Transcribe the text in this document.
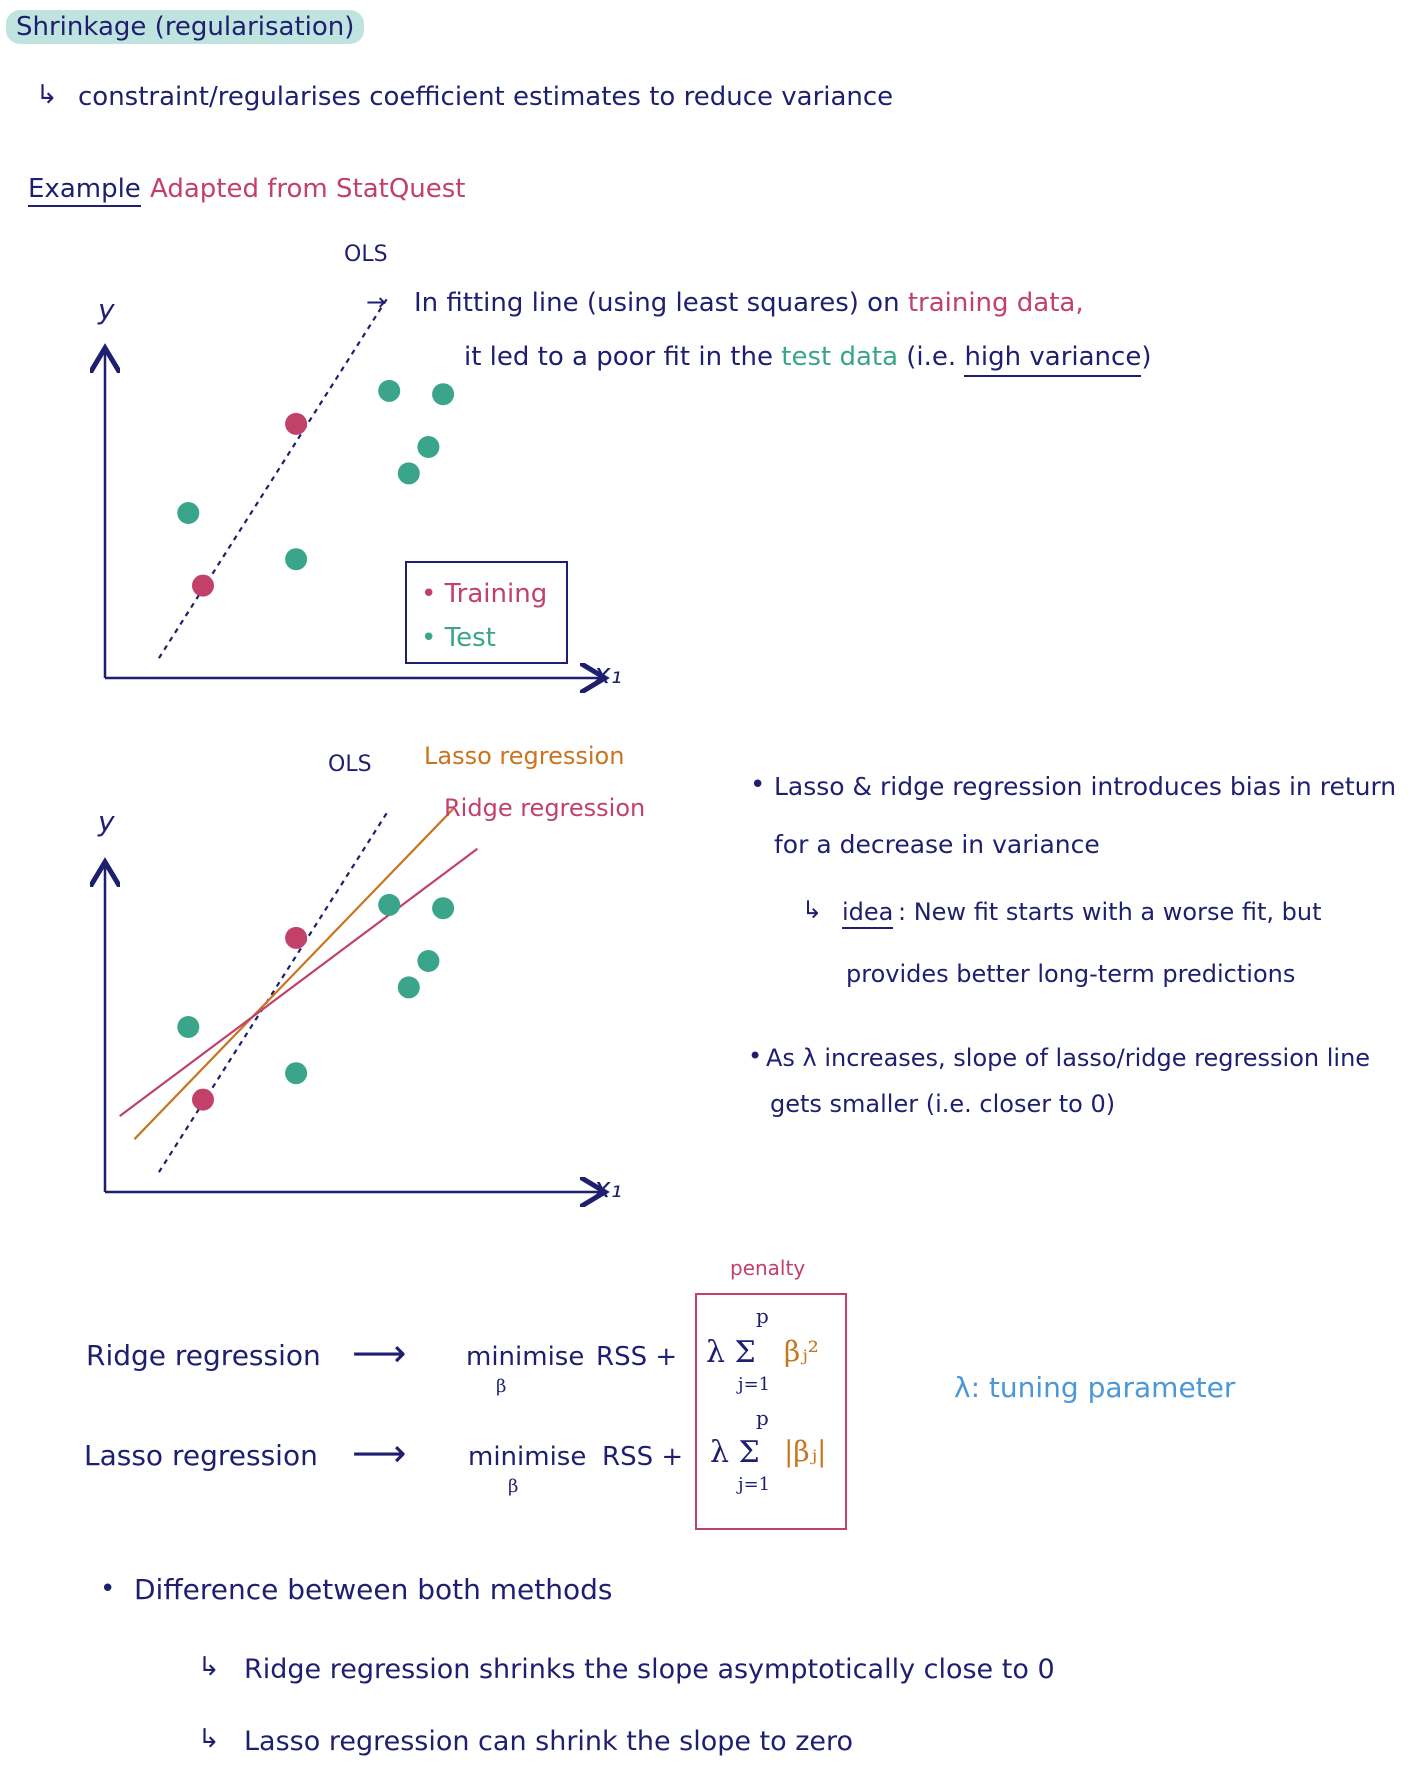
Shrinkage (regularisation)
↳ constraint/regularises coefficient estimates to reduce variance
Example Adapted from StatQuest
OLS
y
x₁
• Training
• Test
→ In fitting line (using least squares) on training data,
it led to a poor fit in the test data (i.e. high variance)
OLS Lasso regression
Ridge regression
y
x₁
• Lasso & ridge regression introduces bias in return
for a decrease in variance
↳ idea : New fit starts with a worse fit, but
provides better long-term predictions
• As λ increases, slope of lasso/ridge regression line
gets smaller (i.e. closer to 0)
penalty
Ridge regression ⟶ minimise
β
RSS + λ Σ
p
j=1
βⱼ²
Lasso regression ⟶ minimise
β
RSS + λ Σ
p
j=1
|βⱼ|
λ: tuning parameter
• Difference between both methods
↳ Ridge regression shrinks the slope asymptotically close to 0
↳ Lasso regression can shrink the slope to zero
